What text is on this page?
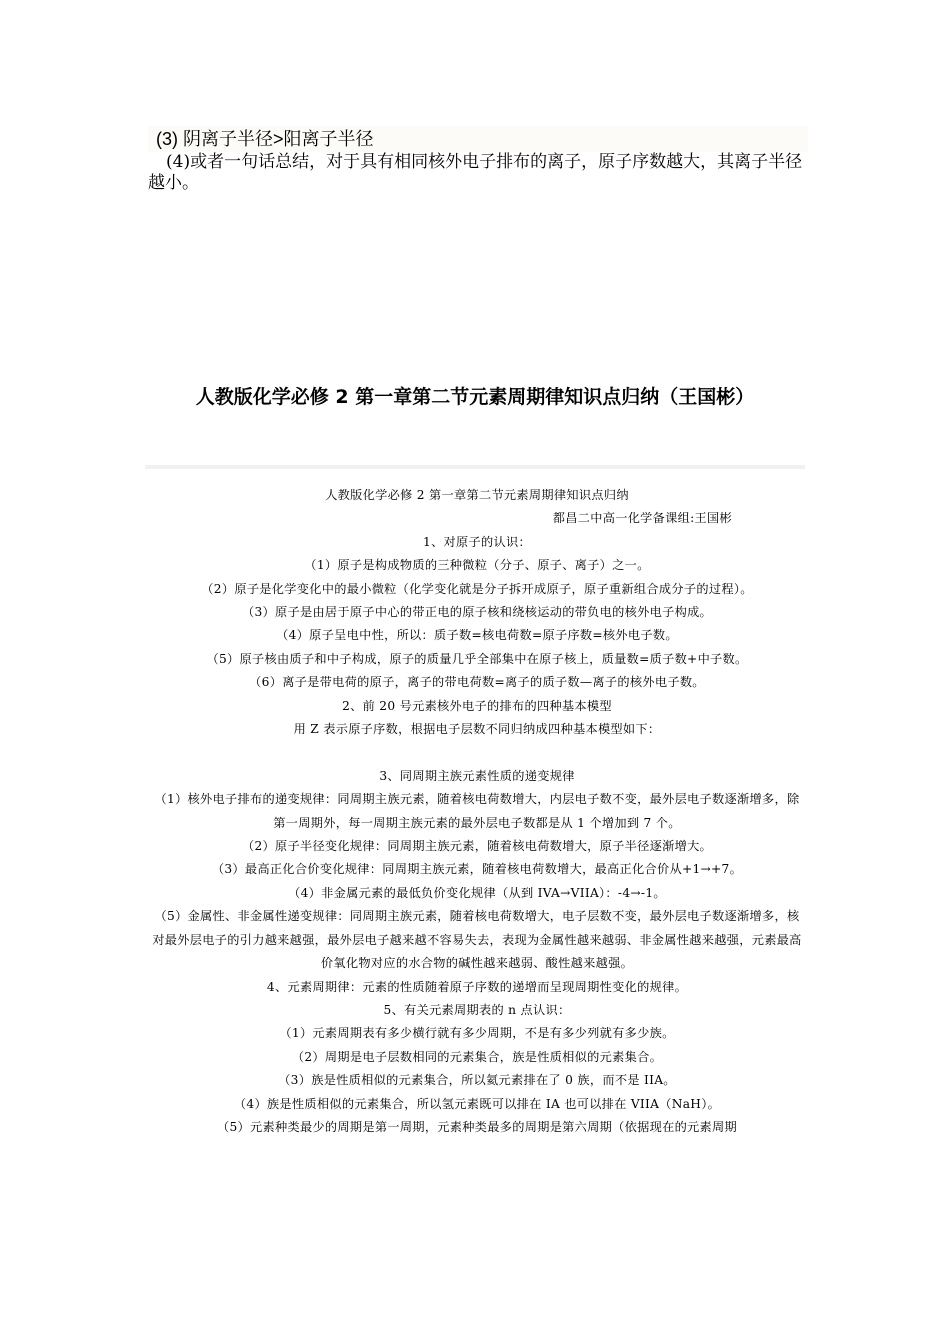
(3) 阴离子半径>阳离子半径

(4)或者一句话总结，对于具有相同核外电子排布的离子，原子序数越大，其离子半径越小。

人教版化学必修 2 第一章第二节元素周期律知识点归纳（王国彬）

人教版化学必修 2 第一章第二节元素周期律知识点归纳

都昌二中高一化学备课组:王国彬

1、对原子的认识：

（1）原子是构成物质的三种微粒（分子、原子、离子）之一。

（2）原子是化学变化中的最小微粒（化学变化就是分子拆开成原子，原子重新组合成分子的过程）。

（3）原子是由居于原子中心的带正电的原子核和绕核运动的带负电的核外电子构成。

（4）原子呈电中性，所以：质子数=核电荷数=原子序数=核外电子数。

（5）原子核由质子和中子构成，原子的质量几乎全部集中在原子核上，质量数=质子数+中子数。

（6）离子是带电荷的原子，离子的带电荷数=离子的质子数—离子的核外电子数。

2、前 20 号元素核外电子的排布的四种基本模型

用 Z 表示原子序数，根据电子层数不同归纳成四种基本模型如下：

3、同周期主族元素性质的递变规律

（1）核外电子排布的递变规律：同周期主族元素，随着核电荷数增大，内层电子数不变，最外层电子数逐渐增多，除第一周期外，每一周期主族元素的最外层电子数都是从 1 个增加到 7 个。

（2）原子半径变化规律：同周期主族元素，随着核电荷数增大，原子半径逐渐增大。

（3）最高正化合价变化规律：同周期主族元素，随着核电荷数增大，最高正化合价从+1→+7。

（4）非金属元素的最低负价变化规律（从到 IVA→VIIA）：-4→-1。

（5）金属性、非金属性递变规律：同周期主族元素，随着核电荷数增大，电子层数不变，最外层电子数逐渐增多，核对最外层电子的引力越来越强，最外层电子越来越不容易失去，表现为金属性越来越弱、非金属性越来越强，元素最高价氧化物对应的水合物的碱性越来越弱、酸性越来越强。

4、元素周期律：元素的性质随着原子序数的递增而呈现周期性变化的规律。

5、有关元素周期表的 n 点认识：

（1）元素周期表有多少横行就有多少周期，不是有多少列就有多少族。

（2）周期是电子层数相同的元素集合，族是性质相似的元素集合。

（3）族是性质相似的元素集合，所以氦元素排在了 0 族，而不是 IIA。

（4）族是性质相似的元素集合，所以氢元素既可以排在 IA 也可以排在 VIIA（NaH）。

（5）元素种类最少的周期是第一周期，元素种类最多的周期是第六周期（依据现在的元素周期
